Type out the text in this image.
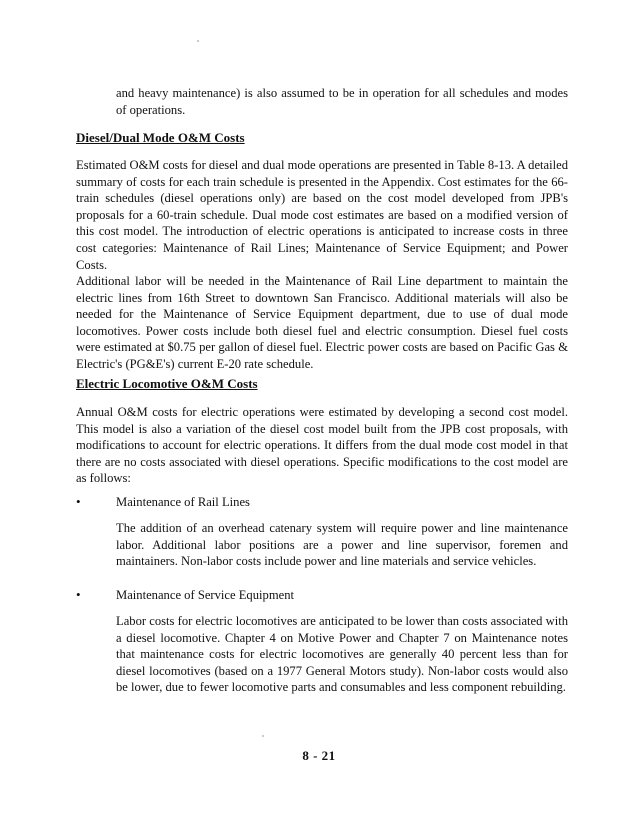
and heavy maintenance) is also assumed to be in operation for all schedules and modes of operations.

Diesel/Dual Mode O&M Costs

Estimated O&M costs for diesel and dual mode operations are presented in Table 8-13. A detailed summary of costs for each train schedule is presented in the Appendix. Cost estimates for the 66-train schedules (diesel operations only) are based on the cost model developed from JPB's proposals for a 60-train schedule. Dual mode cost estimates are based on a modified version of this cost model. The introduction of electric operations is anticipated to increase costs in three cost categories: Maintenance of Rail Lines; Maintenance of Service Equipment; and Power Costs.

Additional labor will be needed in the Maintenance of Rail Line department to maintain the electric lines from 16th Street to downtown San Francisco. Additional materials will also be needed for the Maintenance of Service Equipment department, due to use of dual mode locomotives. Power costs include both diesel fuel and electric consumption. Diesel fuel costs were estimated at $0.75 per gallon of diesel fuel. Electric power costs are based on Pacific Gas & Electric's (PG&E's) current E-20 rate schedule.

Electric Locomotive O&M Costs

Annual O&M costs for electric operations were estimated by developing a second cost model. This model is also a variation of the diesel cost model built from the JPB cost proposals, with modifications to account for electric operations. It differs from the dual mode cost model in that there are no costs associated with diesel operations. Specific modifications to the cost model are as follows:

•	Maintenance of Rail Lines

The addition of an overhead catenary system will require power and line maintenance labor. Additional labor positions are a power and line supervisor, foremen and maintainers. Non-labor costs include power and line materials and service vehicles.

•	Maintenance of Service Equipment

Labor costs for electric locomotives are anticipated to be lower than costs associated with a diesel locomotive. Chapter 4 on Motive Power and Chapter 7 on Maintenance notes that maintenance costs for electric locomotives are generally 40 percent less than for diesel locomotives (based on a 1977 General Motors study). Non-labor costs would also be lower, due to fewer locomotive parts and consumables and less component rebuilding.

8 - 21
